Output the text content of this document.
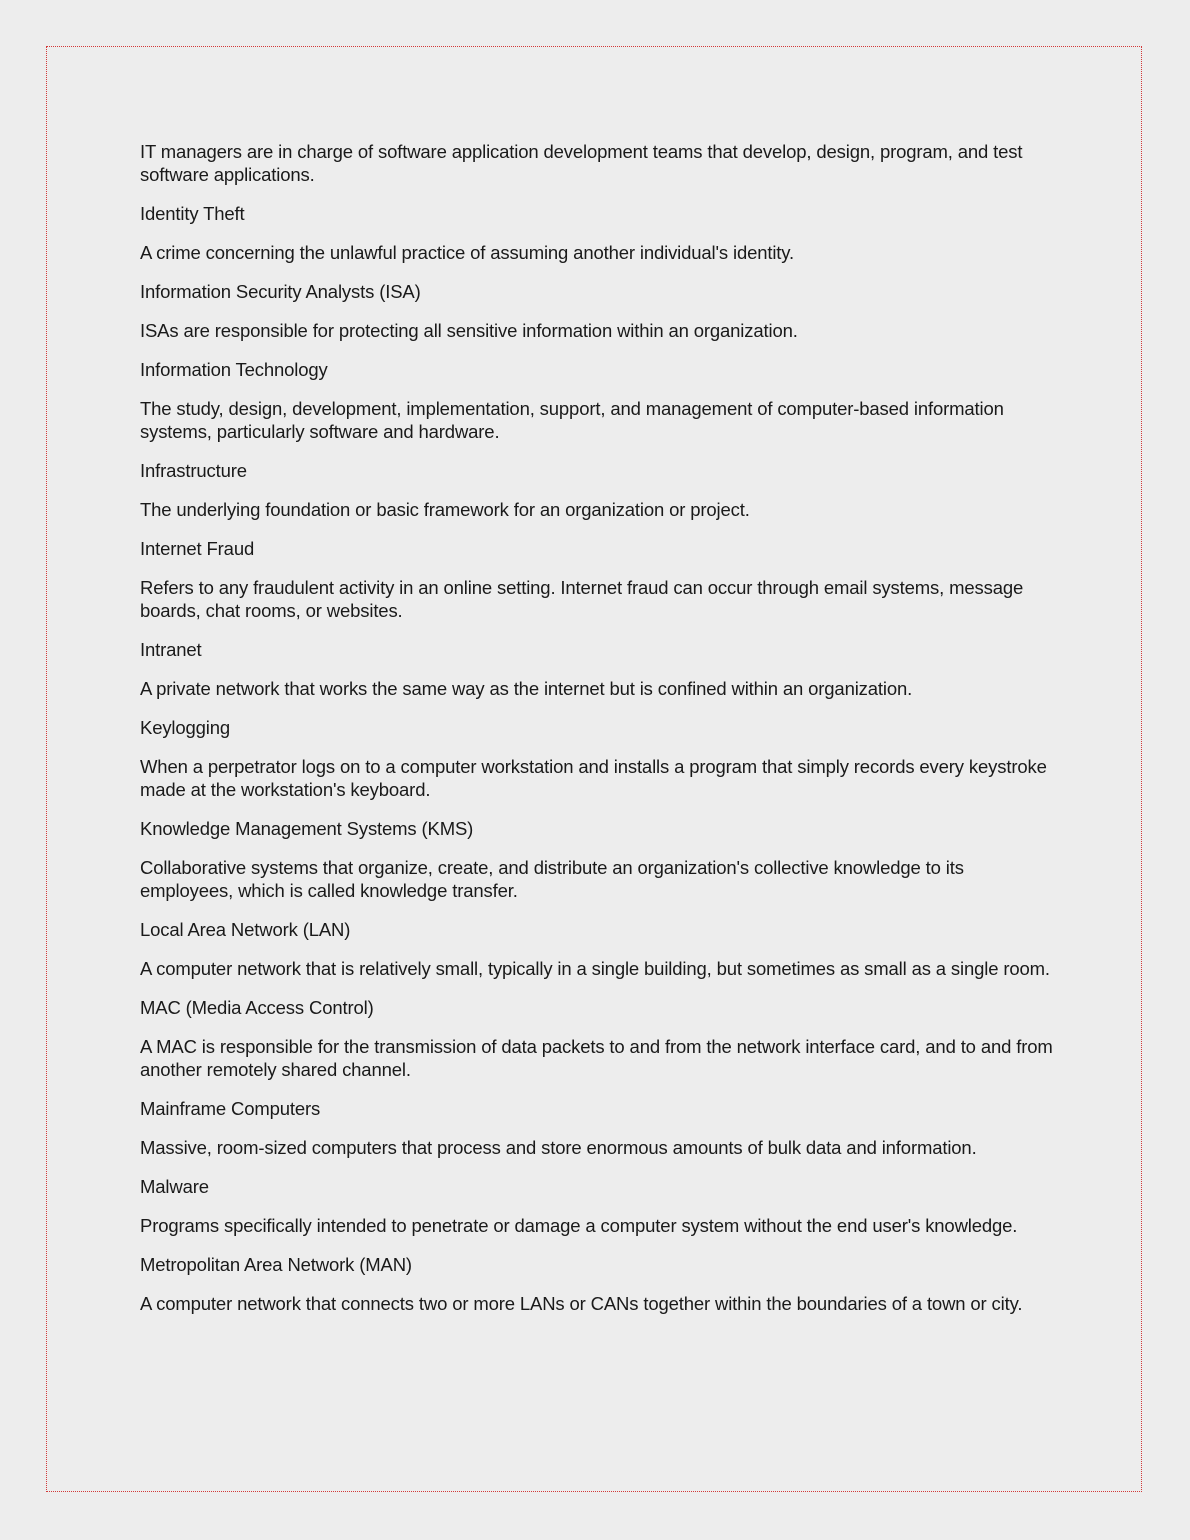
IT managers are in charge of software application development teams that develop, design, program, and test software applications.

Identity Theft

A crime concerning the unlawful practice of assuming another individual's identity.

Information Security Analysts (ISA)

ISAs are responsible for protecting all sensitive information within an organization.

Information Technology

The study, design, development, implementation, support, and management of computer-based information systems, particularly software and hardware.

Infrastructure

The underlying foundation or basic framework for an organization or project.

Internet Fraud

Refers to any fraudulent activity in an online setting. Internet fraud can occur through email systems, message boards, chat rooms, or websites.

Intranet

A private network that works the same way as the internet but is confined within an organization.

Keylogging

When a perpetrator logs on to a computer workstation and installs a program that simply records every keystroke made at the workstation's keyboard.

Knowledge Management Systems (KMS)

Collaborative systems that organize, create, and distribute an organization's collective knowledge to its employees, which is called knowledge transfer.

Local Area Network (LAN)

A computer network that is relatively small, typically in a single building, but sometimes as small as a single room.

MAC (Media Access Control)

A MAC is responsible for the transmission of data packets to and from the network interface card, and to and from another remotely shared channel.

Mainframe Computers

Massive, room-sized computers that process and store enormous amounts of bulk data and information.

Malware

Programs specifically intended to penetrate or damage a computer system without the end user's knowledge.

Metropolitan Area Network (MAN)

A computer network that connects two or more LANs or CANs together within the boundaries of a town or city.
